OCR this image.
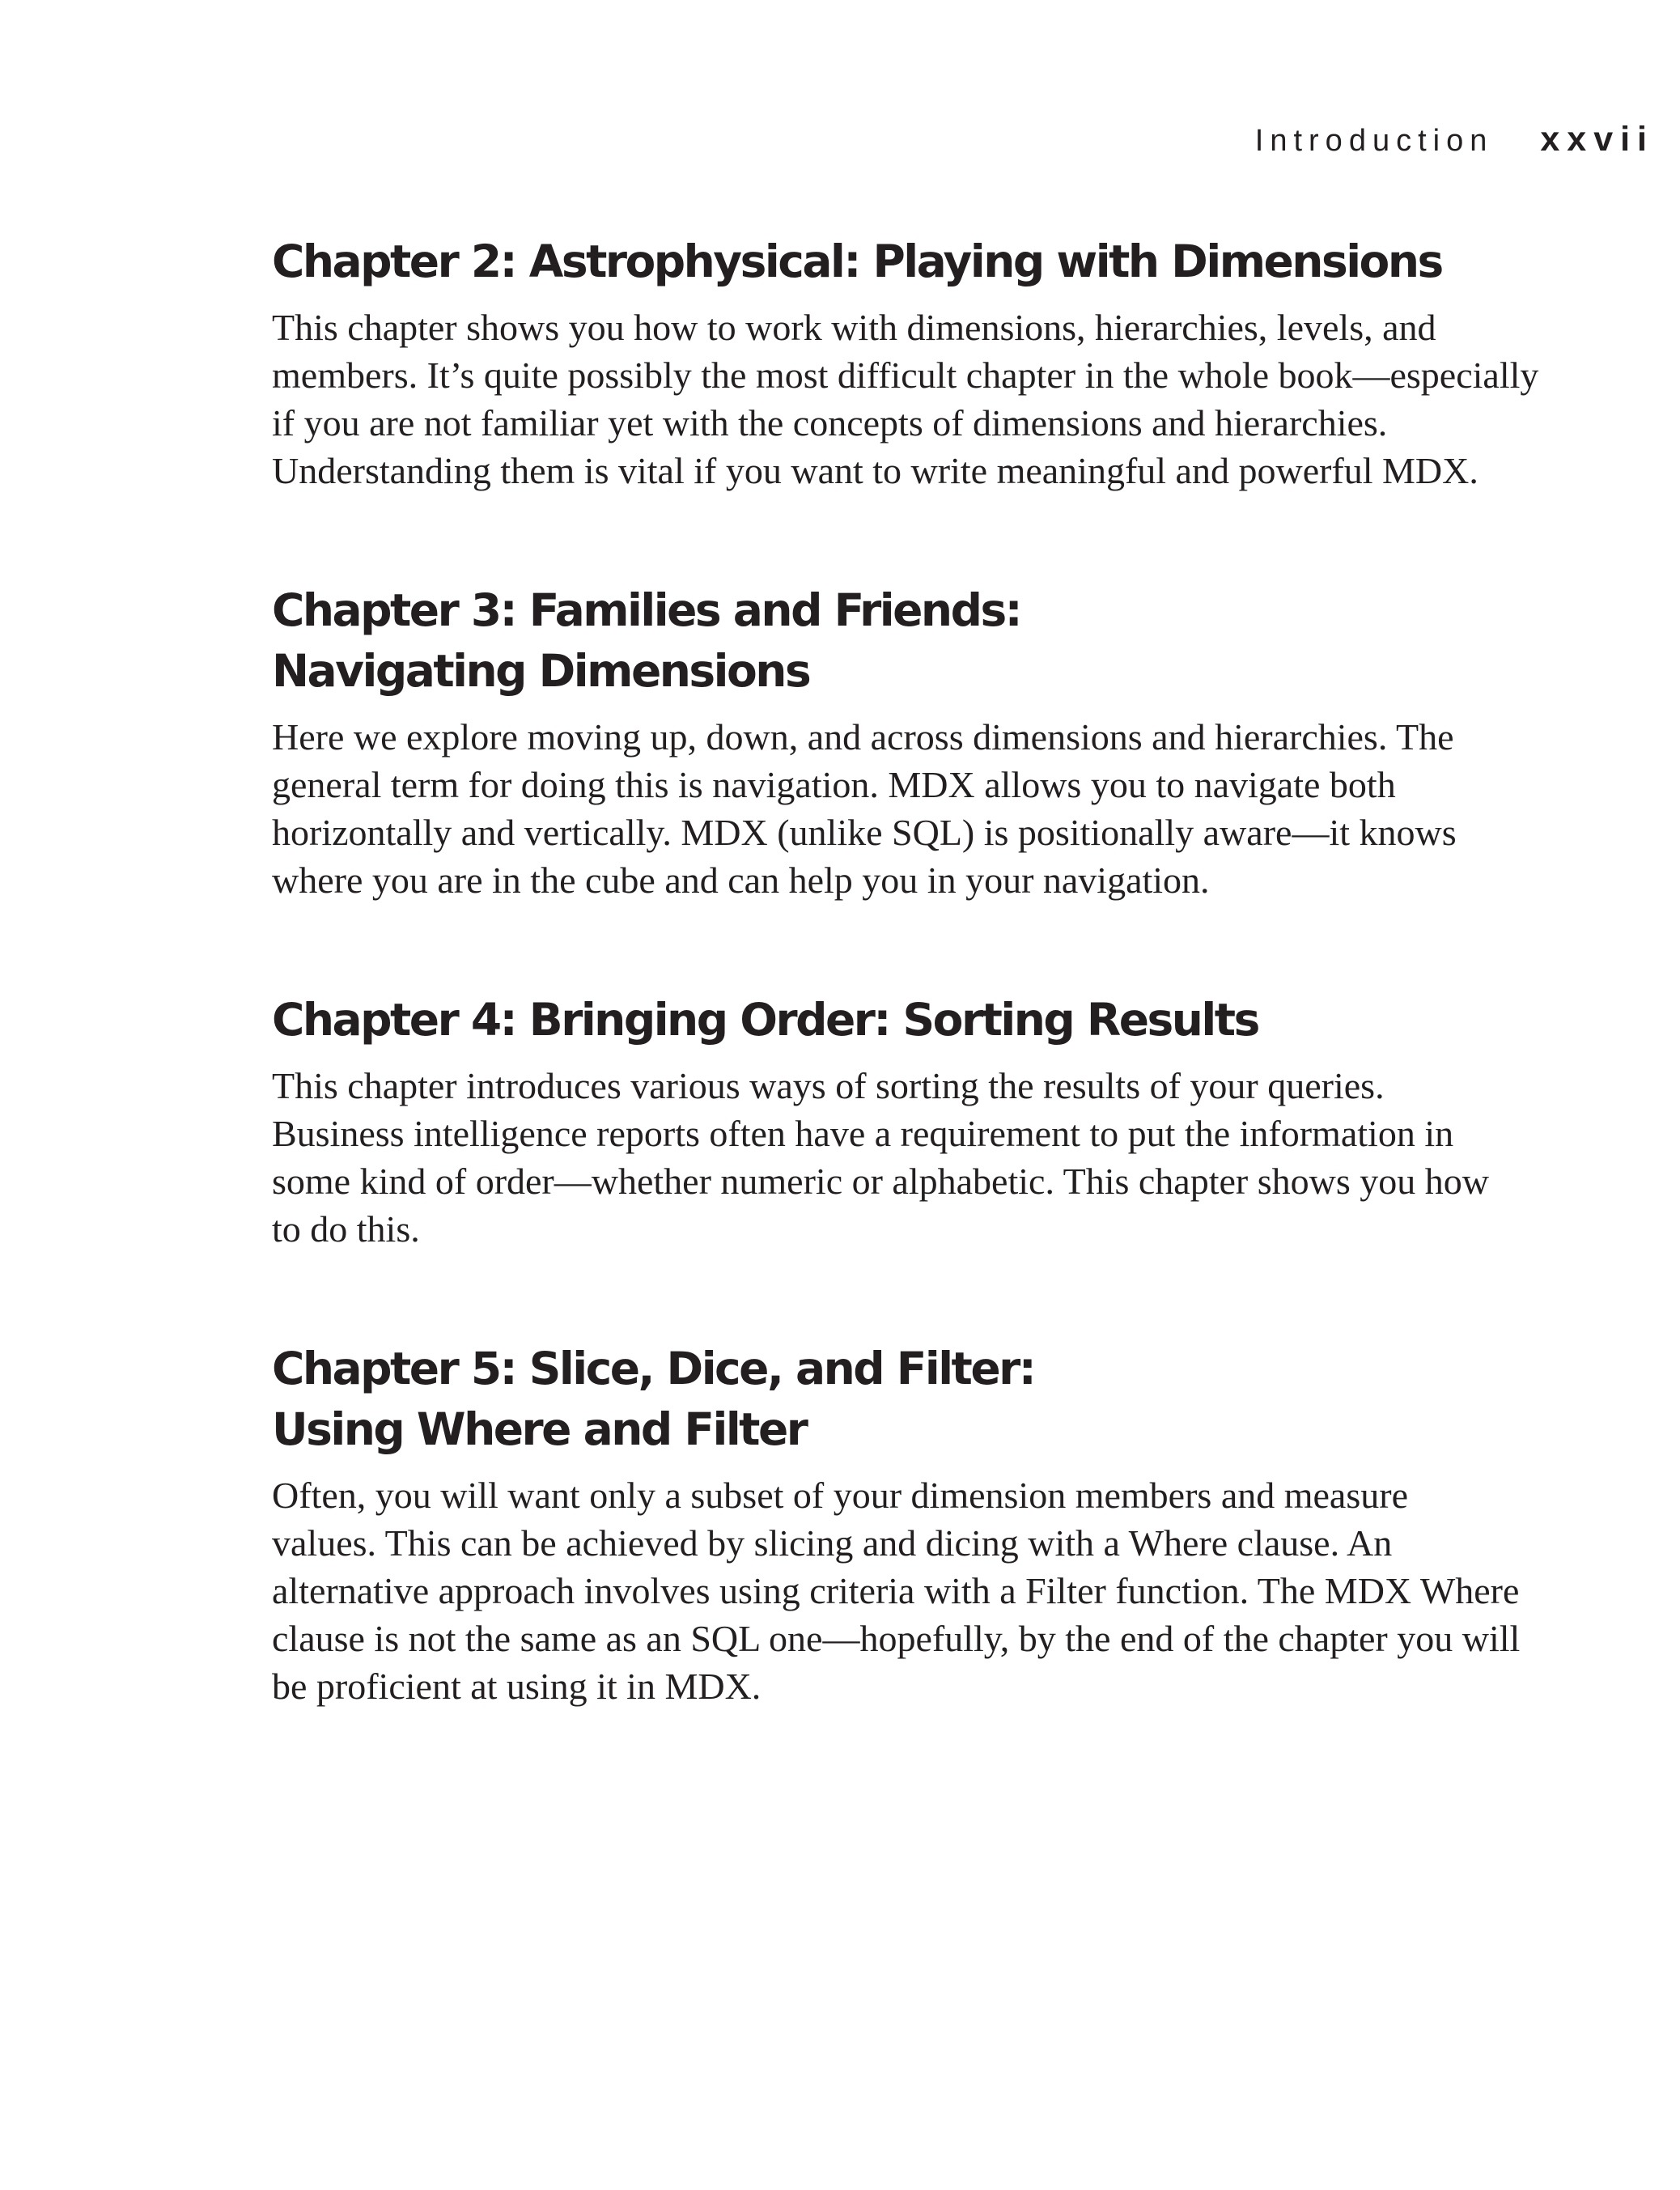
Introduction xxvii
Chapter 2: Astrophysical: Playing with Dimensions

This chapter shows you how to work with dimensions, hierarchies, levels, and
members. It’s quite possibly the most difficult chapter in the whole book—especially
if you are not familiar yet with the concepts of dimensions and hierarchies.
Understanding them is vital if you want to write meaningful and powerful MDX.

Chapter 3: Families and Friends:
Navigating Dimensions

Here we explore moving up, down, and across dimensions and hierarchies. The
general term for doing this is navigation. MDX allows you to navigate both
horizontally and vertically. MDX (unlike SQL) is positionally aware—it knows
where you are in the cube and can help you in your navigation.

Chapter 4: Bringing Order: Sorting Results

This chapter introduces various ways of sorting the results of your queries.
Business intelligence reports often have a requirement to put the information in
some kind of order—whether numeric or alphabetic. This chapter shows you how
to do this.

Chapter 5: Slice, Dice, and Filter:
Using Where and Filter

Often, you will want only a subset of your dimension members and measure
values. This can be achieved by slicing and dicing with a Where clause. An
alternative approach involves using criteria with a Filter function. The MDX Where
clause is not the same as an SQL one—hopefully, by the end of the chapter you will
be proficient at using it in MDX.
